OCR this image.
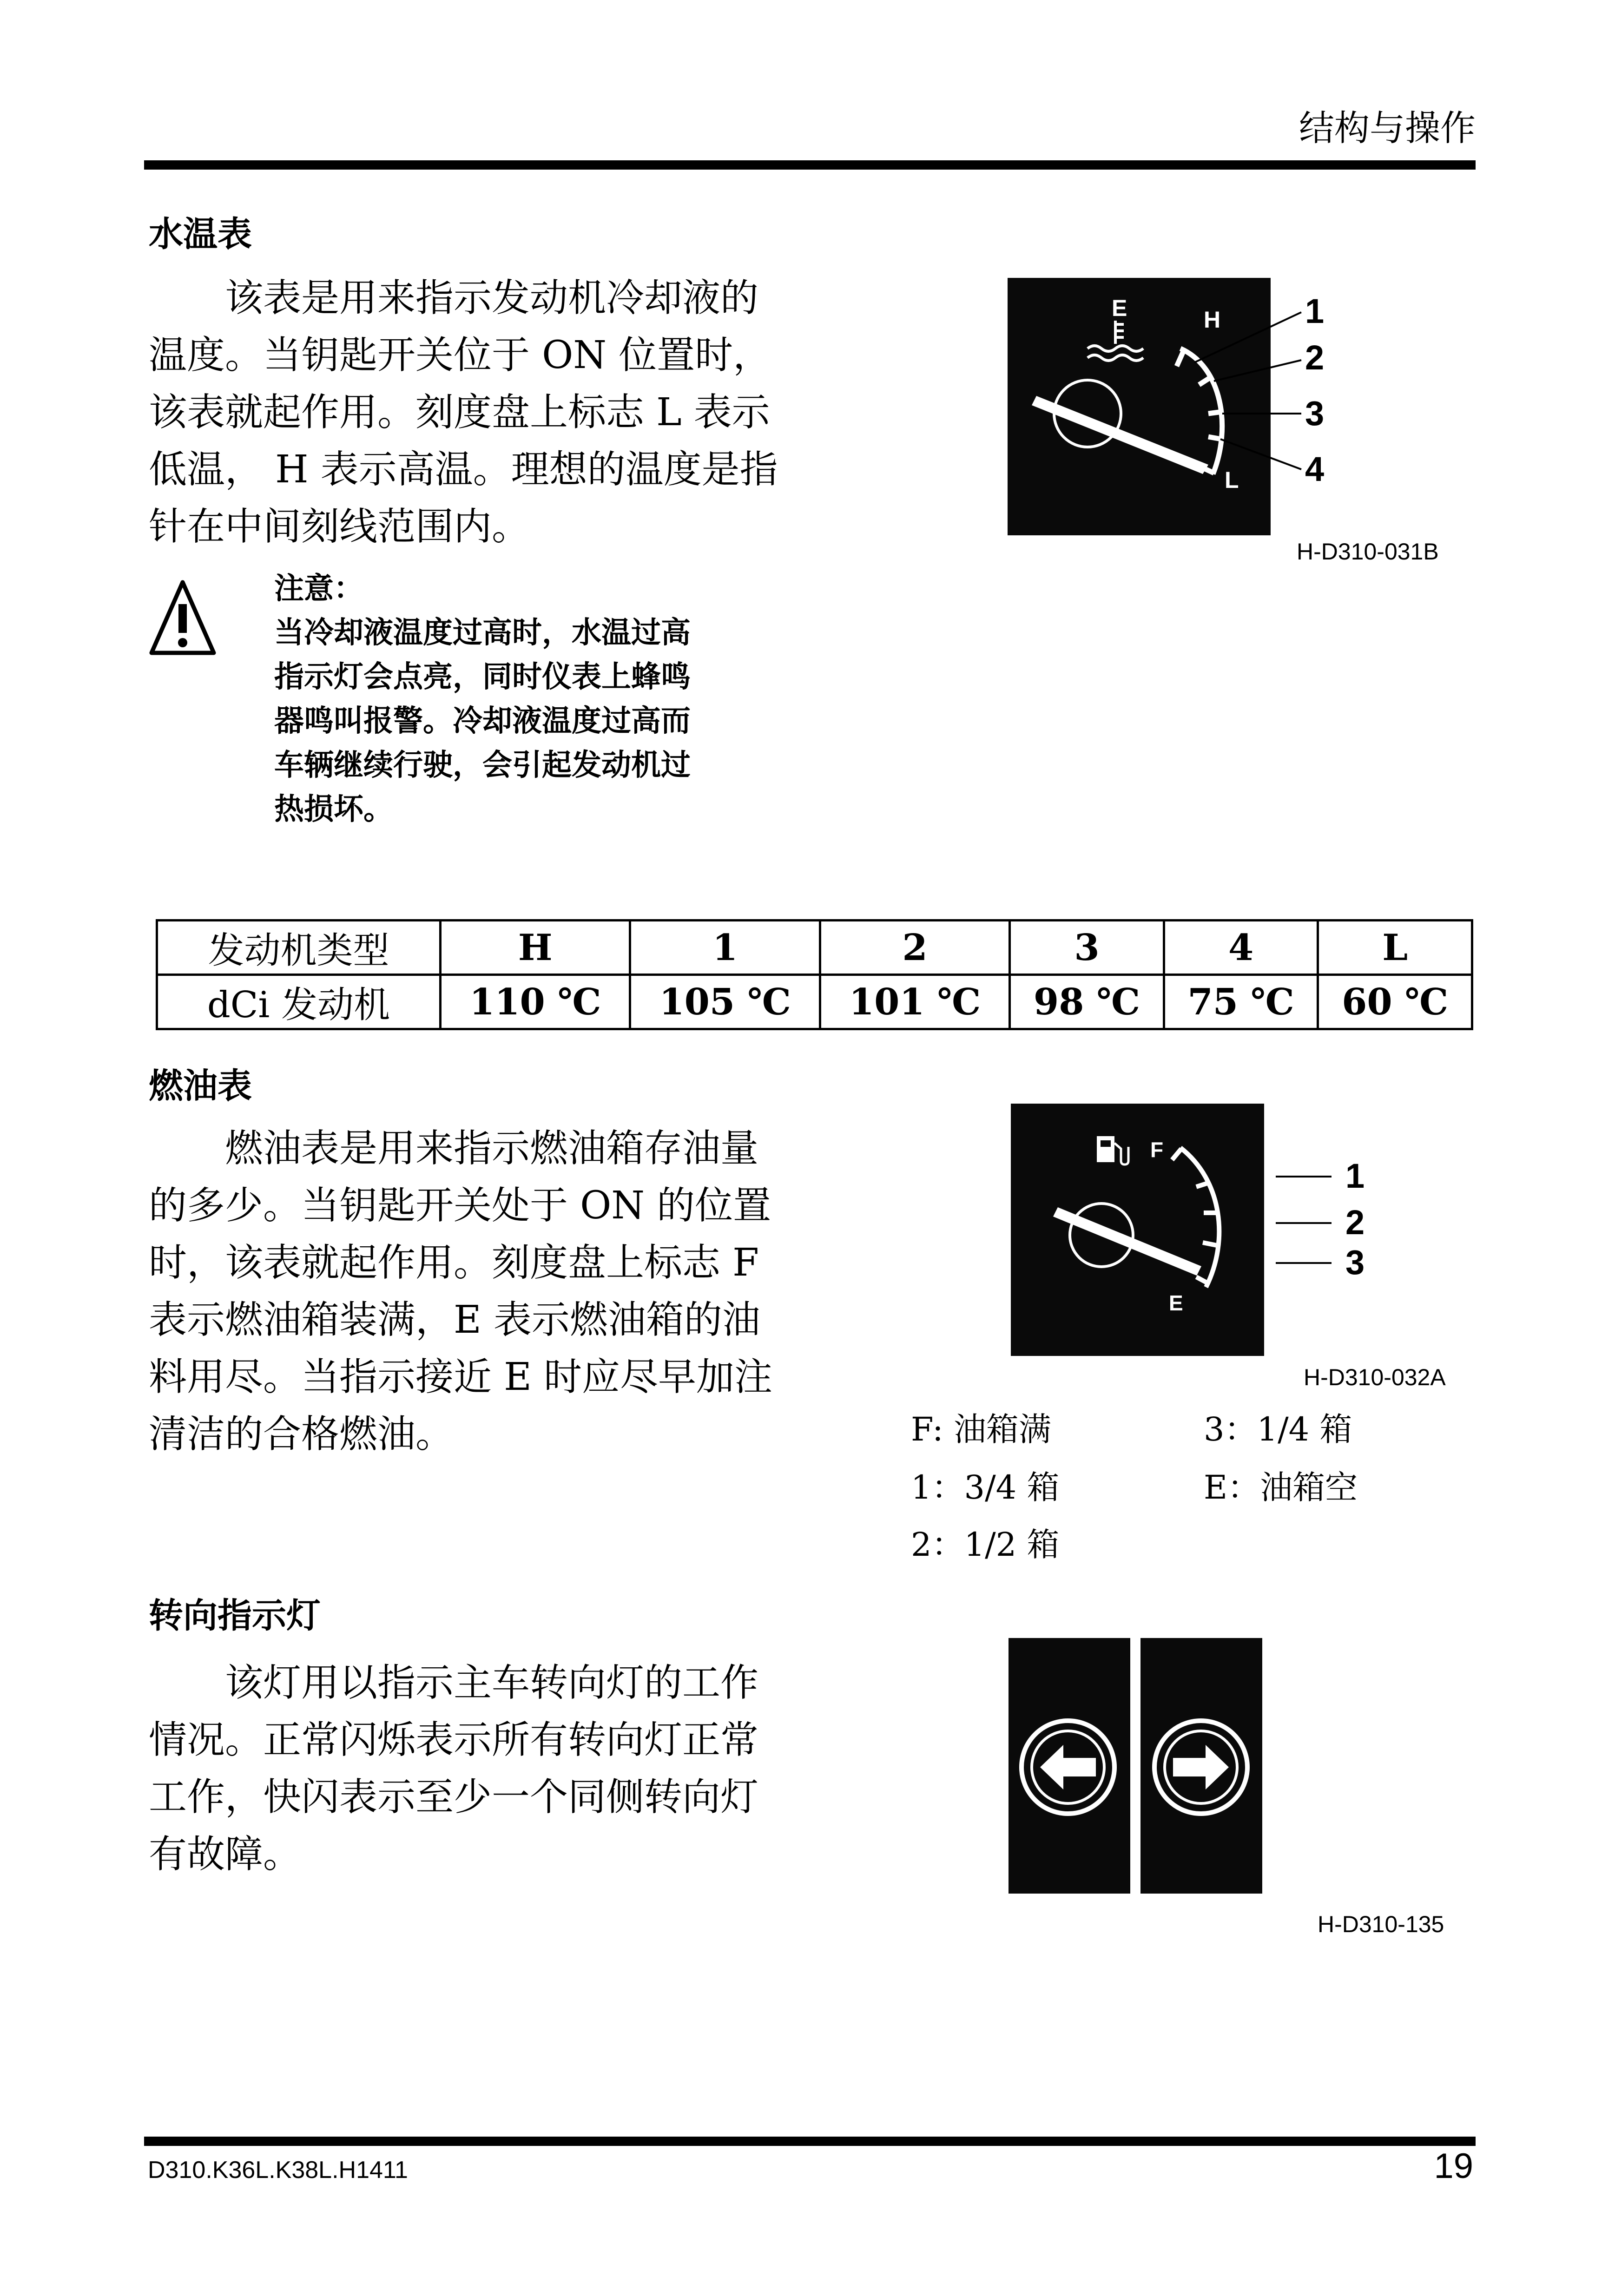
结构与操作
水温表
该表是用来指示发动机冷却液的
温度。当钥匙开关位于 ON 位置时，
该表就起作用。刻度盘上标志 L 表示
低温， H 表示高温。理想的温度是指
针在中间刻线范围内。
注意：
当冷却液温度过高时，水温过高
指示灯会点亮，同时仪表上蜂鸣
器鸣叫报警。冷却液温度过高而
车辆继续行驶，会引起发动机过
热损坏。
E	H
L
1
2
3
4
H-D310-031B
发动机类型	H	1	2	3	4	L
dCi 发动机	110 ℃	105 ℃	101 ℃	98 ℃	75 ℃	60 ℃
燃油表
燃油表是用来指示燃油箱存油量
的多少。当钥匙开关处于 ON 的位置
时，该表就起作用。刻度盘上标志 F
表示燃油箱装满，E 表示燃油箱的油
料用尽。当指示接近 E 时应尽早加注
清洁的合格燃油。
F
E
1
2
3
H-D310-032A
F: 油箱满	3：1/4 箱
1：3/4 箱	E：油箱空
2：1/2 箱
转向指示灯
该灯用以指示主车转向灯的工作
情况。正常闪烁表示所有转向灯正常
工作，快闪表示至少一个同侧转向灯
有故障。
H-D310-135
D310.K36L.K38L.H1411	19
